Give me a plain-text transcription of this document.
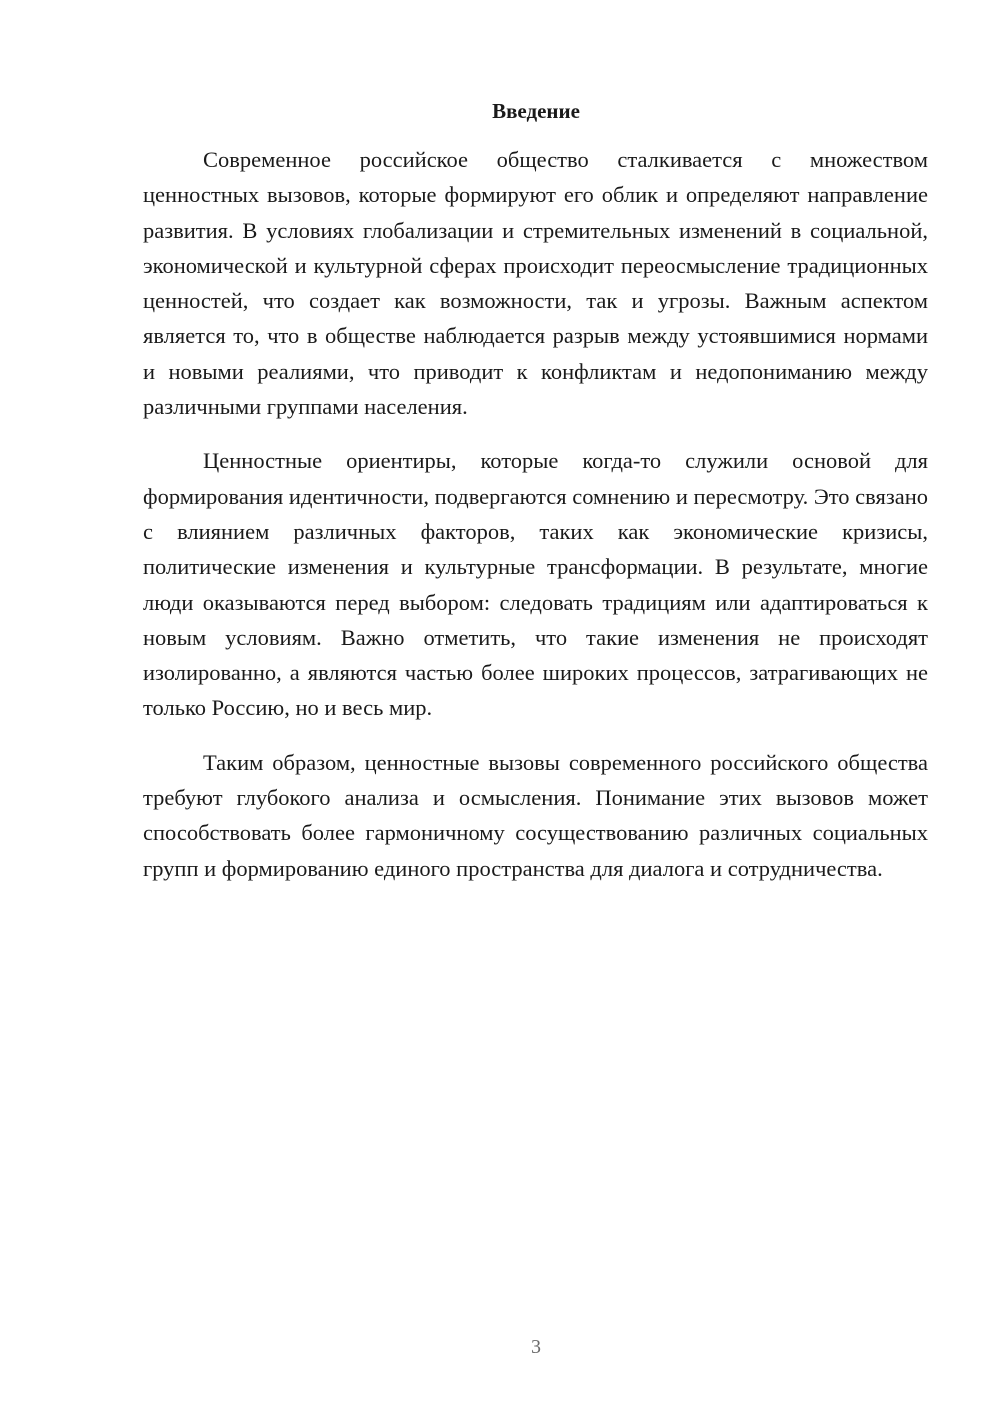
Введение

Современное российское общество сталкивается с множеством ценностных вызовов, которые формируют его облик и определяют направление развития. В условиях глобализации и стремительных изменений в социальной, экономической и культурной сферах происходит переосмысление традиционных ценностей, что создает как возможности, так и угрозы. Важным аспектом является то, что в обществе наблюдается разрыв между устоявшимися нормами и новыми реалиями, что приводит к конфликтам и недопониманию между различными группами населения.

Ценностные ориентиры, которые когда-то служили основой для формирования идентичности, подвергаются сомнению и пересмотру. Это связано с влиянием различных факторов, таких как экономические кризисы, политические изменения и культурные трансформации. В результате, многие люди оказываются перед выбором: следовать традициям или адаптироваться к новым условиям. Важно отметить, что такие изменения не происходят изолированно, а являются частью более широких процессов, затрагивающих не только Россию, но и весь мир.

Таким образом, ценностные вызовы современного российского общества требуют глубокого анализа и осмысления. Понимание этих вызовов может способствовать более гармоничному сосуществованию различных социальных групп и формированию единого пространства для диалога и сотрудничества.

3
